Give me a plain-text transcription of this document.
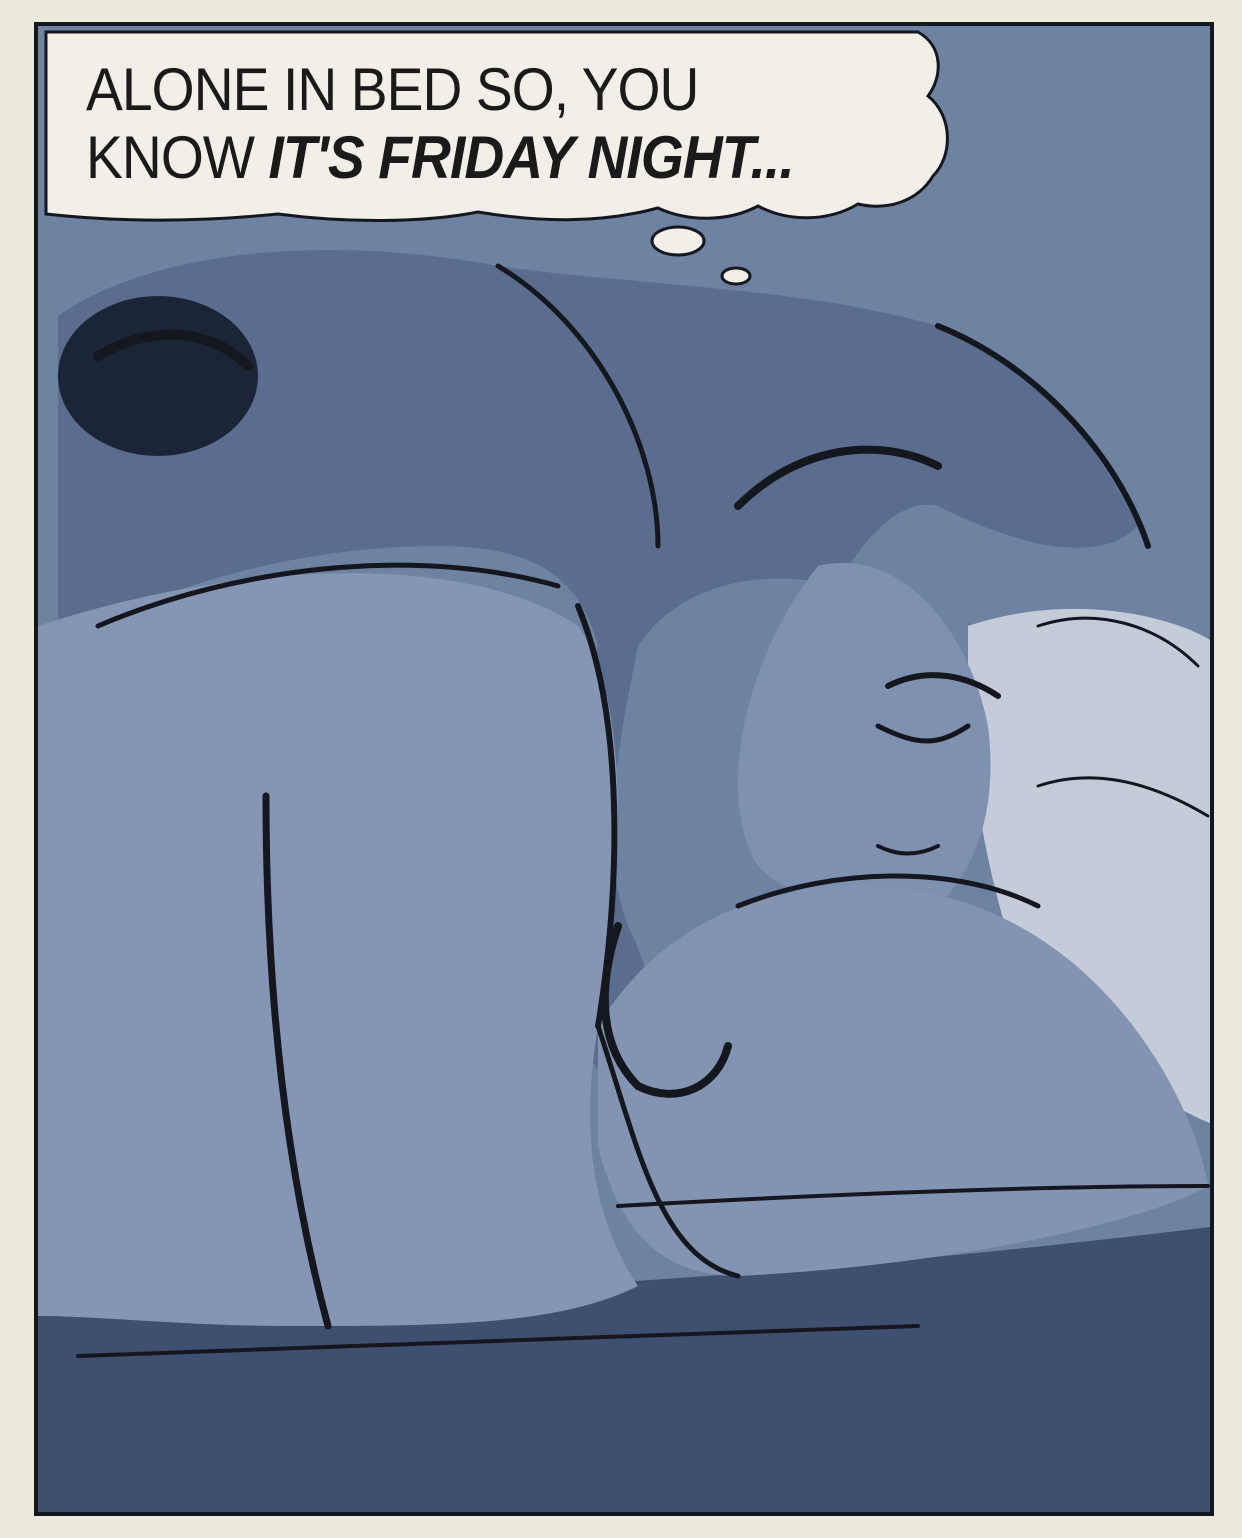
ALONE IN BED SO, YOU
KNOW IT'S FRIDAY NIGHT...
